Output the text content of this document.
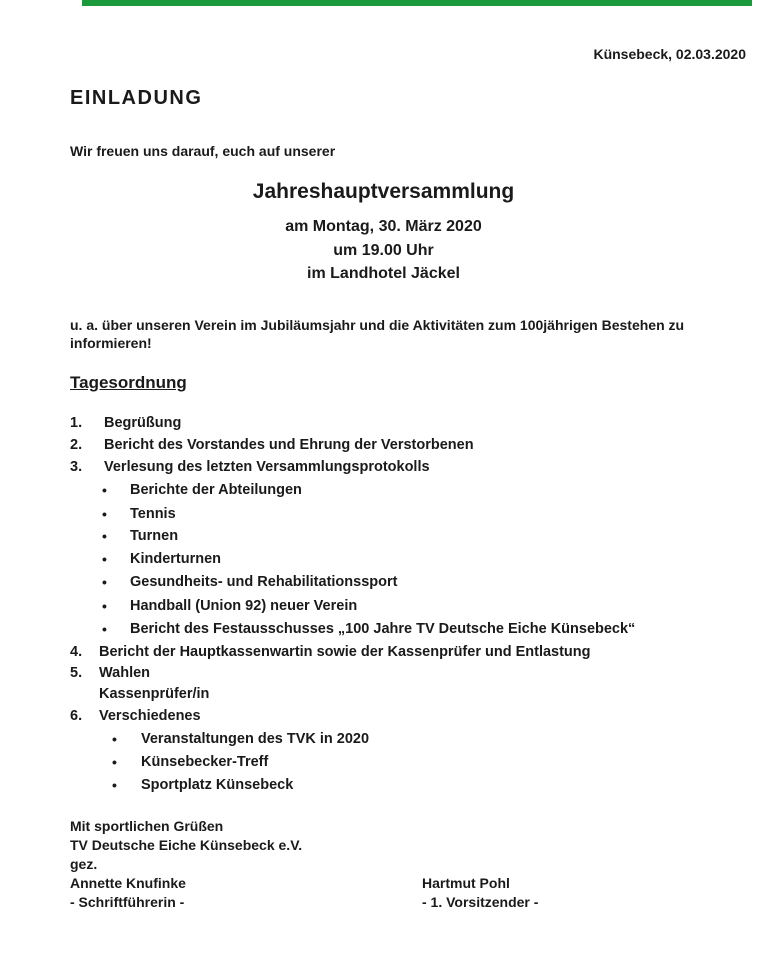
Künsebeck, 02.03.2020
EINLADUNG
Wir freuen uns darauf, euch auf unserer
Jahreshauptversammlung
am Montag, 30. März 2020
um 19.00 Uhr
im Landhotel Jäckel
u. a. über unseren Verein im Jubiläumsjahr und die Aktivitäten zum 100jährigen Bestehen zu informieren!
Tagesordnung
1. Begrüßung
2. Bericht des Vorstandes und Ehrung der Verstorbenen
3. Verlesung des letzten Versammlungsprotokolls
• Berichte der Abteilungen
• Tennis
• Turnen
• Kinderturnen
• Gesundheits- und Rehabilitationssport
• Handball (Union 92) neuer Verein
• Bericht des Festausschusses „100 Jahre TV Deutsche Eiche Künsebeck“
4. Bericht der Hauptkassenwartin sowie der Kassenprüfer und Entlastung
5. Wahlen
Kassenprüfer/in
6. Verschiedenes
• Veranstaltungen des TVK in 2020
• Künsebecker-Treff
• Sportplatz Künsebeck
Mit sportlichen Grüßen
TV Deutsche Eiche Künsebeck e.V.
gez.
Annette Knufinke
- Schriftführerin -
Hartmut Pohl
- 1. Vorsitzender -
